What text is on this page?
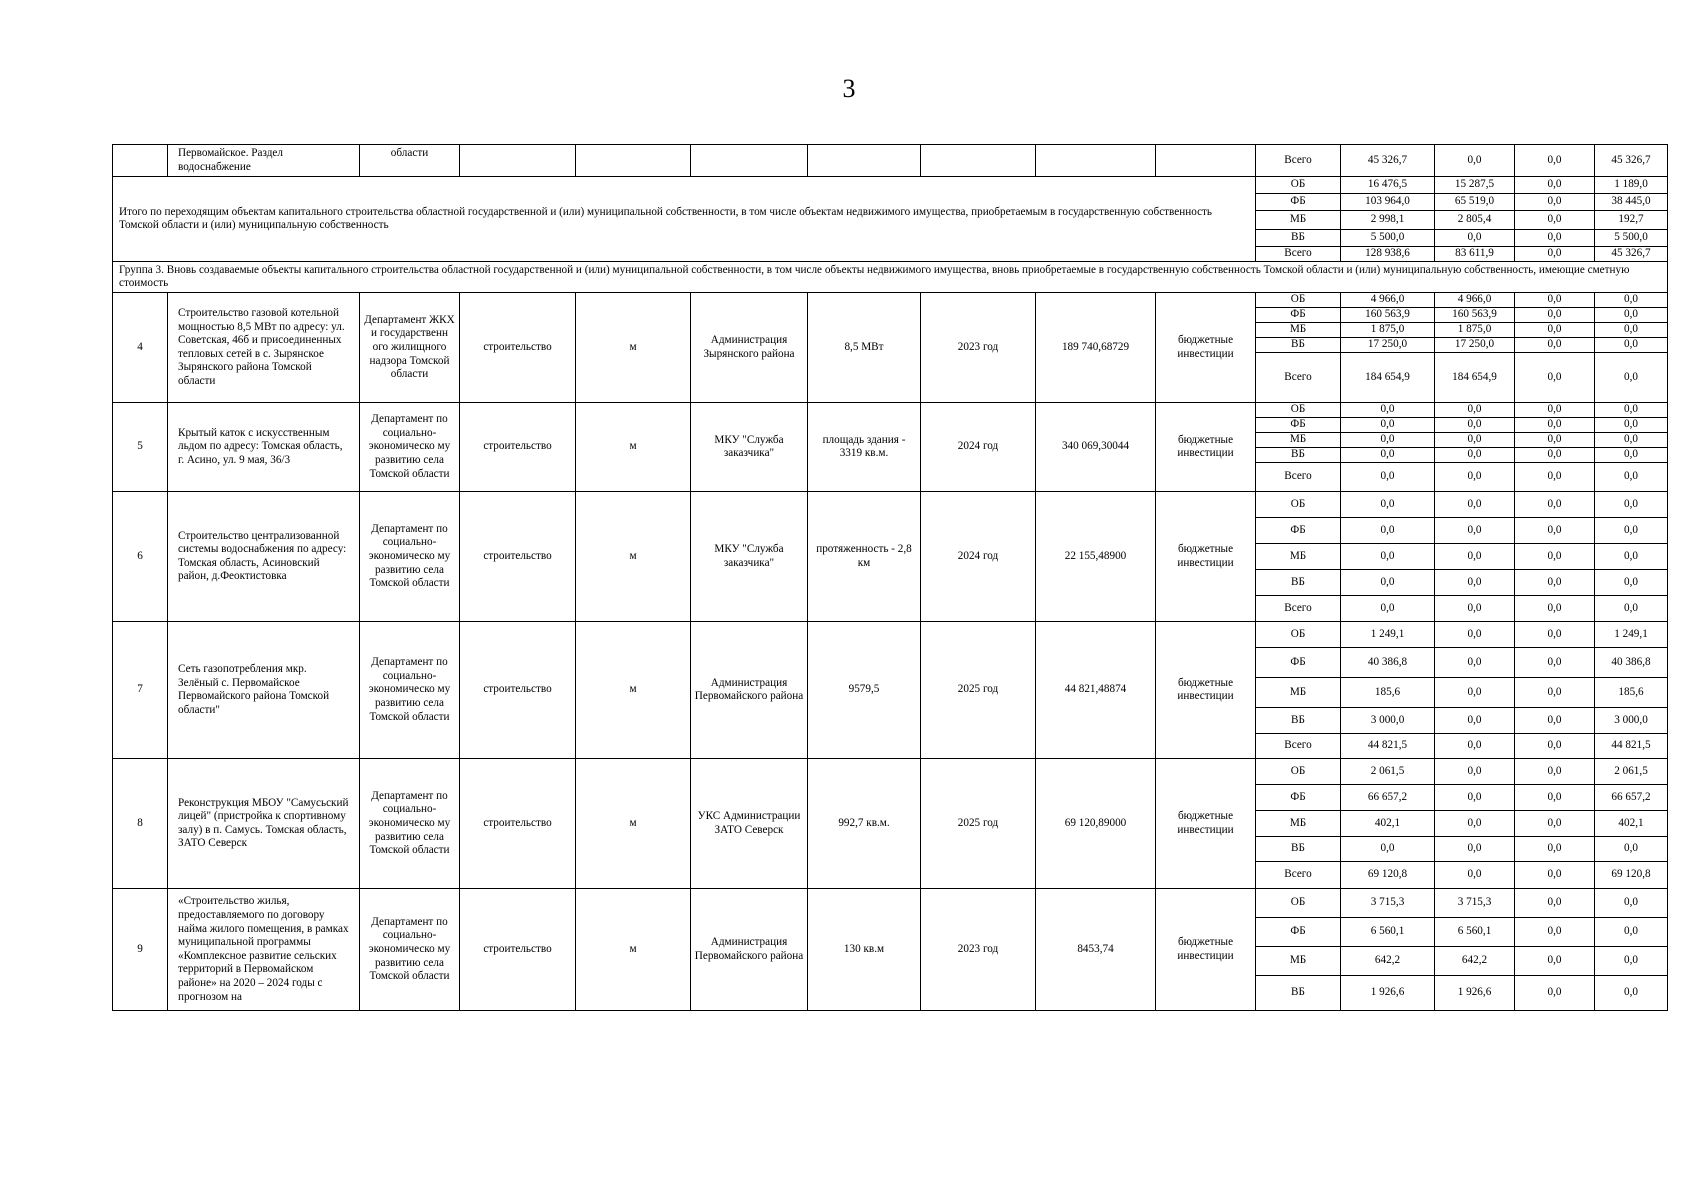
3
	Первомайское. Раздел водоснабжение	области								Всего	45 326,7	0,0	0,0	45 326,7
Итого по переходящим объектам капитального строительства областной государственной и (или) муниципальной собственности, в том числе объектам недвижимого имущества, приобретаемым в государственную собственность Томской области и (или) муниципальную собственность										ОБ	16 476,5	15 287,5	0,0	1 189,0
										ФБ	103 964,0	65 519,0	0,0	38 445,0
										МБ	2 998,1	2 805,4	0,0	192,7
										ВБ	5 500,0	0,0	0,0	5 500,0
										Всего	128 938,6	83 611,9	0,0	45 326,7
Группа 3. Вновь создаваемые объекты капитального строительства областной государственной и (или) муниципальной собственности, в том числе объекты недвижимого имущества, вновь приобретаемые в государственную собственность Томской области и (или) муниципальную собственность, имеющие сметную стоимость														
4	Строительство газовой котельной мощностью 8,5 МВт по адресу: ул. Советская, 46б и присоединенных тепловых сетей в с. Зырянское Зырянского района Томской области	Департамент ЖКХ и государственн ого жилищного надзора Томской области	строительство	м	Администрация Зырянского района	8,5 МВт	2023 год	189 740,68729	бюджетные инвестиции	ОБ	4 966,0	4 966,0	0,0	0,0
										ФБ	160 563,9	160 563,9	0,0	0,0
										МБ	1 875,0	1 875,0	0,0	0,0
										ВБ	17 250,0	17 250,0	0,0	0,0
										Всего	184 654,9	184 654,9	0,0	0,0
5	Крытый каток с искусственным льдом по адресу: Томская область, г. Асино, ул. 9 мая, 36/3	Департамент по социально-экономическо му развитию села Томской области	строительство	м	МКУ "Служба заказчика"	площадь здания - 3319 кв.м.	2024 год	340 069,30044	бюджетные инвестиции	ОБ	0,0	0,0	0,0	0,0
										ФБ	0,0	0,0	0,0	0,0
										МБ	0,0	0,0	0,0	0,0
										ВБ	0,0	0,0	0,0	0,0
										Всего	0,0	0,0	0,0	0,0
6	Строительство централизованной системы водоснабжения по адресу: Томская область, Асиновский район, д.Феоктистовка	Департамент по социально-экономическо му развитию села Томской области	строительство	м	МКУ "Служба заказчика"	протяженность - 2,8 км	2024 год	22 155,48900	бюджетные инвестиции	ОБ	0,0	0,0	0,0	0,0
										ФБ	0,0	0,0	0,0	0,0
										МБ	0,0	0,0	0,0	0,0
										ВБ	0,0	0,0	0,0	0,0
										Всего	0,0	0,0	0,0	0,0
7	Сеть газопотребления мкр. Зелёный с. Первомайское Первомайского района Томской области"	Департамент по социально-экономическо му развитию села Томской области	строительство	м	Администрация Первомайского района	9579,5	2025 год	44 821,48874	бюджетные инвестиции	ОБ	1 249,1	0,0	0,0	1 249,1
										ФБ	40 386,8	0,0	0,0	40 386,8
										МБ	185,6	0,0	0,0	185,6
										ВБ	3 000,0	0,0	0,0	3 000,0
										Всего	44 821,5	0,0	0,0	44 821,5
8	Реконструкция МБОУ "Самусьский лицей" (пристройка к спортивному залу) в п. Самусь. Томская область, ЗАТО Северск	Департамент по социально-экономическо му развитию села Томской области	строительство	м	УКС Администрации ЗАТО Северск	992,7 кв.м.	2025 год	69 120,89000	бюджетные инвестиции	ОБ	2 061,5	0,0	0,0	2 061,5
										ФБ	66 657,2	0,0	0,0	66 657,2
										МБ	402,1	0,0	0,0	402,1
										ВБ	0,0	0,0	0,0	0,0
										Всего	69 120,8	0,0	0,0	69 120,8
9	«Строительство жилья, предоставляемого по договору найма жилого помещения, в рамках муниципальной программы «Комплексное развитие сельских территорий в Первомайском районе» на 2020 – 2024 годы с прогнозом на	Департамент по социально-экономическо му развитию села Томской области	строительство	м	Администрация Первомайского района	130 кв.м	2023 год	8453,74	бюджетные инвестиции	ОБ	3 715,3	3 715,3	0,0	0,0
										ФБ	6 560,1	6 560,1	0,0	0,0
										МБ	642,2	642,2	0,0	0,0
										ВБ	1 926,6	1 926,6	0,0	0,0
